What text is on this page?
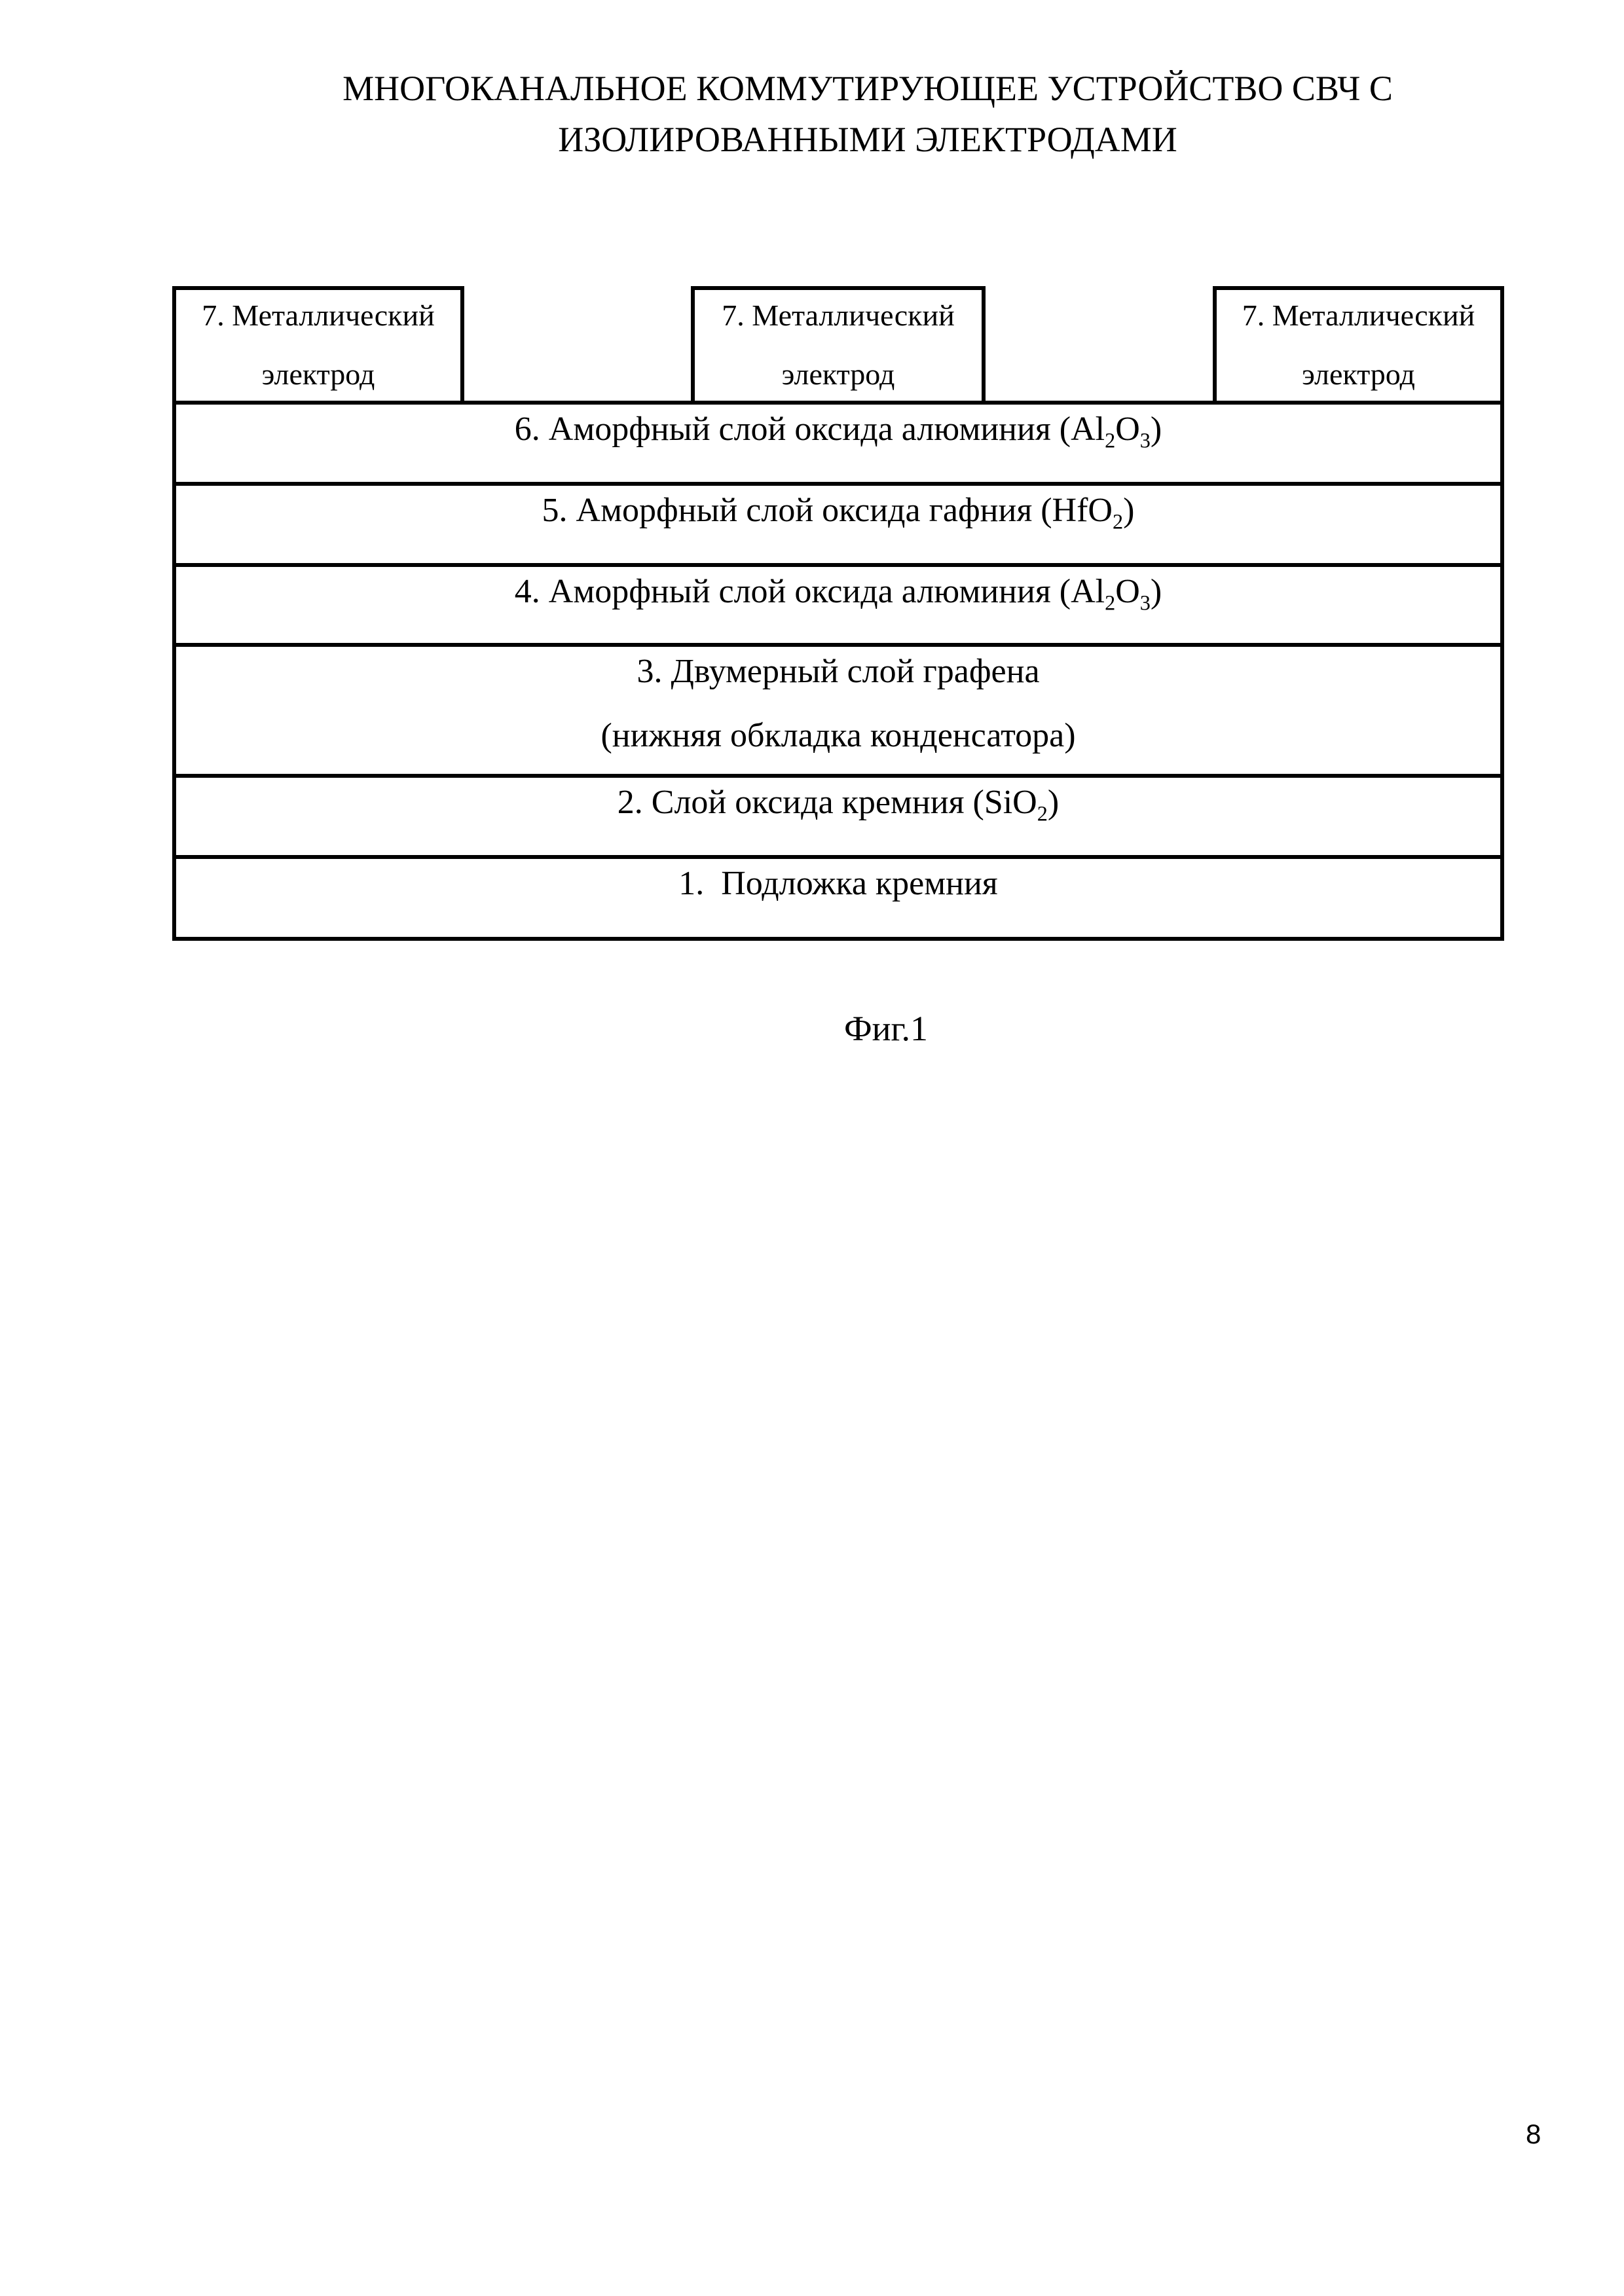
МНОГОКАНАЛЬНОЕ КОММУТИРУЮЩЕЕ УСТРОЙСТВО СВЧ С
ИЗОЛИРОВАННЫМИ ЭЛЕКТРОДАМИ
7. Металлический
электрод
7. Металлический
электрод
7. Металлический
электрод
6. Аморфный слой оксида алюминия $(Al_2O_3)$
5. Аморфный слой оксида гафния (HfO$_2$)
4. Аморфный слой оксида алюминия $(Al_2O_3)$
3. Двумерный слой графена
(нижняя обкладка конденсатора)
2. Слой оксида кремния (SiO$_2$)
1.  Подложка кремния
Фиг.1
8
